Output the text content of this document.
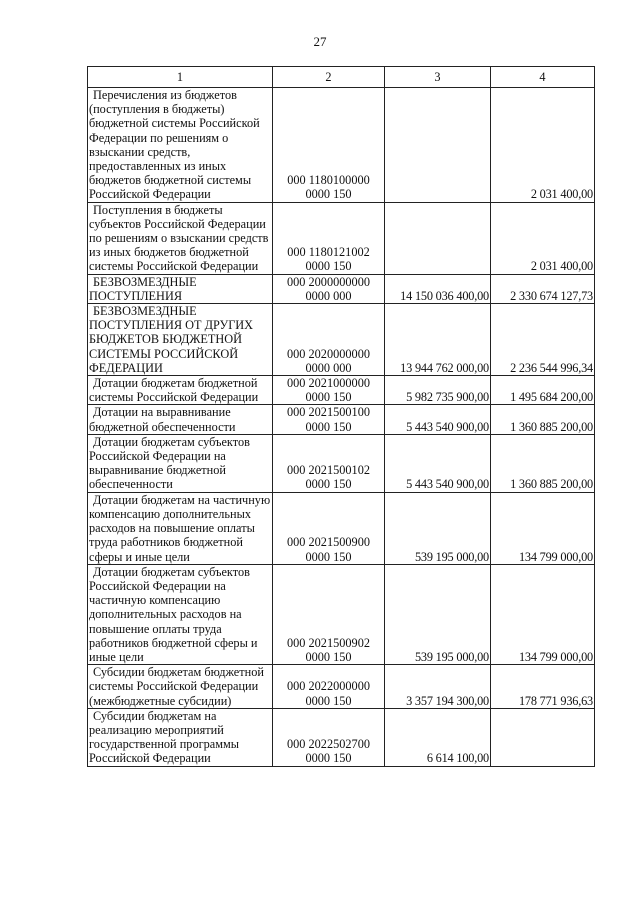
27
1	2	3	4
Перечисления из бюджетов (поступления в бюджеты) бюджетной системы Российской Федерации по решениям о взыскании средств, предоставленных из иных бюджетов бюджетной системы Российской Федерации	000 1180100000
0000 150		2 031 400,00
Поступления в бюджеты субъектов Российской Федерации по решениям о взыскании средств из иных бюджетов бюджетной системы Российской Федерации	000 1180121002
0000 150		2 031 400,00
БЕЗВОЗМЕЗДНЫЕ ПОСТУПЛЕНИЯ	000 2000000000
0000 000	14 150 036 400,00	2 330 674 127,73
БЕЗВОЗМЕЗДНЫЕ ПОСТУПЛЕНИЯ ОТ ДРУГИХ БЮДЖЕТОВ БЮДЖЕТНОЙ СИСТЕМЫ РОССИЙСКОЙ ФЕДЕРАЦИИ	000 2020000000
0000 000	13 944 762 000,00	2 236 544 996,34
Дотации бюджетам бюджетной системы Российской Федерации	000 2021000000
0000 150	5 982 735 900,00	1 495 684 200,00
Дотации на выравнивание бюджетной обеспеченности	000 2021500100
0000 150	5 443 540 900,00	1 360 885 200,00
Дотации бюджетам субъектов Российской Федерации на выравнивание бюджетной обеспеченности	000 2021500102
0000 150	5 443 540 900,00	1 360 885 200,00
Дотации бюджетам на частичную компенсацию дополнительных расходов на повышение оплаты труда работников бюджетной сферы и иные цели	000 2021500900
0000 150	539 195 000,00	134 799 000,00
Дотации бюджетам субъектов Российской Федерации на частичную компенсацию дополнительных расходов на повышение оплаты труда работников бюджетной сферы и иные цели	000 2021500902
0000 150	539 195 000,00	134 799 000,00
Субсидии бюджетам бюджетной системы Российской Федерации (межбюджетные субсидии)	000 2022000000
0000 150	3 357 194 300,00	178 771 936,63
Субсидии бюджетам на реализацию мероприятий государственной программы Российской Федерации	000 2022502700
0000 150	6 614 100,00	
